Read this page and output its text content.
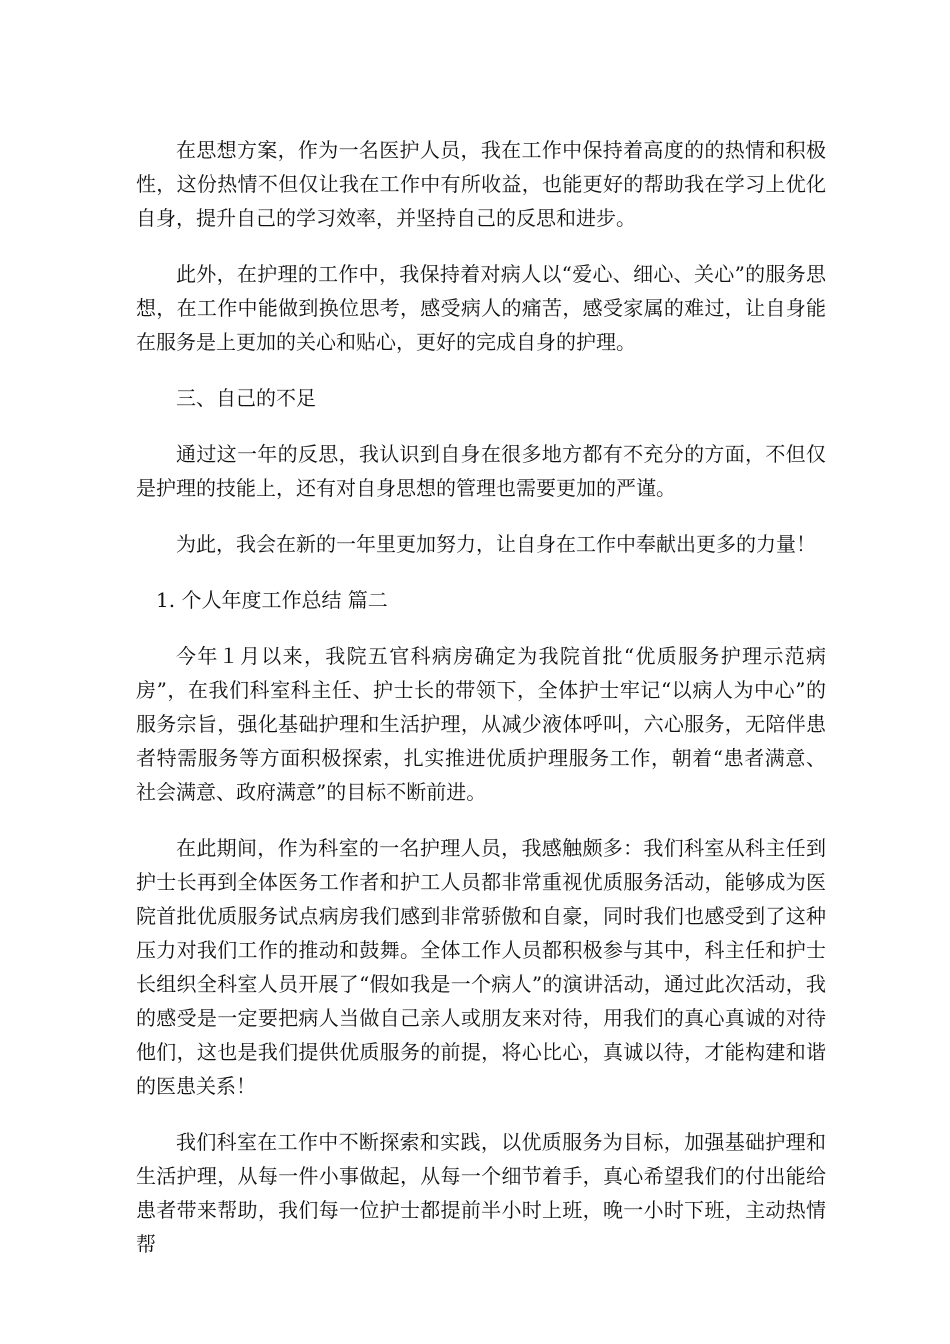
在思想方案，作为一名医护人员，我在工作中保持着高度的的热情和积极性，这份热情不但仅让我在工作中有所收益，也能更好的帮助我在学习上优化自身，提升自己的学习效率，并坚持自己的反思和进步。

此外，在护理的工作中，我保持着对病人以“爱心、细心、关心”的服务思想，在工作中能做到换位思考，感受病人的痛苦，感受家属的难过，让自身能在服务是上更加的关心和贴心，更好的完成自身的护理。

三、自己的不足

通过这一年的反思，我认识到自身在很多地方都有不充分的方面，不但仅是护理的技能上，还有对自身思想的管理也需要更加的严谨。

为此，我会在新的一年里更加努力，让自身在工作中奉献出更多的力量！

1. 个人年度工作总结 篇二

今年１月以来，我院五官科病房确定为我院首批“优质服务护理示范病房”，在我们科室科主任、护士长的带领下，全体护士牢记“以病人为中心”的服务宗旨，强化基础护理和生活护理，从减少液体呼叫，六心服务，无陪伴患者特需服务等方面积极探索，扎实推进优质护理服务工作，朝着“患者满意、社会满意、政府满意”的目标不断前进。

在此期间，作为科室的一名护理人员，我感触颇多：我们科室从科主任到护士长再到全体医务工作者和护工人员都非常重视优质服务活动，能够成为医院首批优质服务试点病房我们感到非常骄傲和自豪，同时我们也感受到了这种压力对我们工作的推动和鼓舞。全体工作人员都积极参与其中，科主任和护士长组织全科室人员开展了“假如我是一个病人”的演讲活动，通过此次活动，我的感受是一定要把病人当做自己亲人或朋友来对待，用我们的真心真诚的对待他们，这也是我们提供优质服务的前提，将心比心，真诚以待，才能构建和谐的医患关系！

我们科室在工作中不断探索和实践，以优质服务为目标，加强基础护理和生活护理，从每一件小事做起，从每一个细节着手，真心希望我们的付出能给患者带来帮助，我们每一位护士都提前半小时上班，晚一小时下班，主动热情帮
